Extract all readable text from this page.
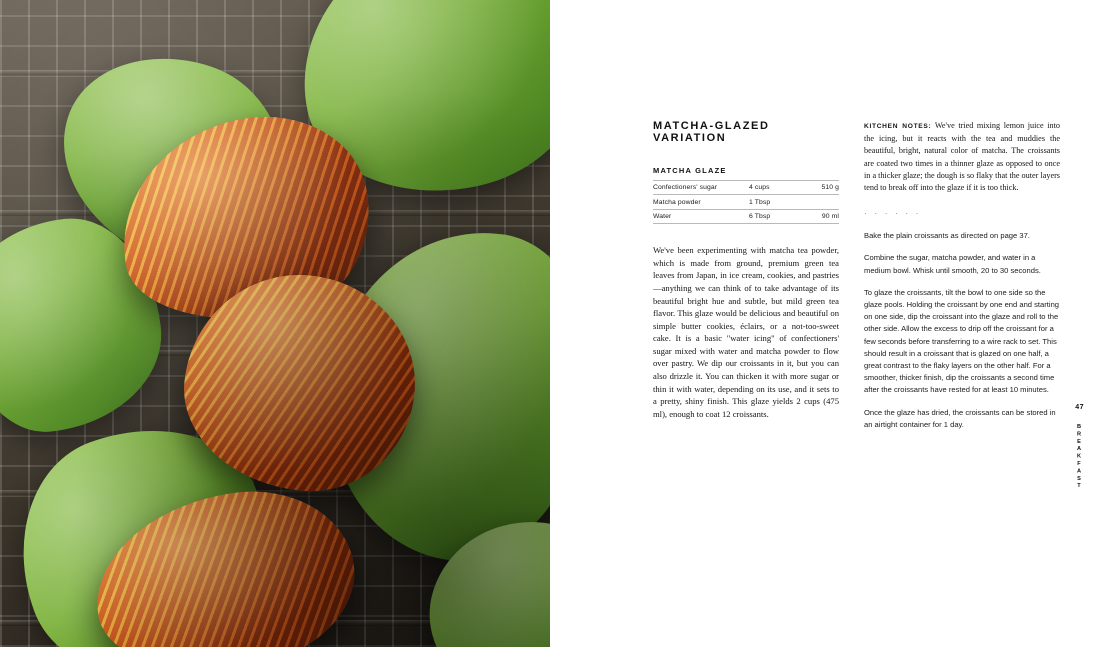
MATCHA-GLAZED VARIATION
MATCHA GLAZE
Confectioners' sugar	4 cups	510 g
Matcha powder	1 Tbsp	
Water	6 Tbsp	90 ml

We've been experimenting with matcha tea powder, which is made from ground, premium green tea leaves from Japan, in ice cream, cookies, and pastries—anything we can think of to take advantage of its beautiful bright hue and subtle, but mild green tea flavor. This glaze would be delicious and beautiful on simple butter cookies, éclairs, or a not-too-sweet cake. It is a basic "water icing" of confectioners' sugar mixed with water and matcha powder to flow over pastry. We dip our croissants in it, but you can also drizzle it. You can thicken it with more sugar or thin it with water, depending on its use, and it sets to a pretty, shiny finish. This glaze yields 2 cups (475 ml), enough to coat 12 croissants.

KITCHEN NOTES: We've tried mixing lemon juice into the icing, but it reacts with the tea and muddies the beautiful, bright, natural color of matcha. The croissants are coated two times in a thinner glaze as opposed to once in a thicker glaze; the dough is so flaky that the outer layers tend to break off into the glaze if it is too thick.

· · · · · ·

Bake the plain croissants as directed on page 37.

Combine the sugar, matcha powder, and water in a medium bowl. Whisk until smooth, 20 to 30 seconds.

To glaze the croissants, tilt the bowl to one side so the glaze pools. Holding the croissant by one end and starting on one side, dip the croissant into the glaze and roll to the other side. Allow the excess to drip off the croissant for a few seconds before transferring to a wire rack to set. This should result in a croissant that is glazed on one half, a great contrast to the flaky layers on the other half. For a smoother, thicker finish, dip the croissants a second time after the croissants have rested for at least 10 minutes.

Once the glaze has dried, the croissants can be stored in an airtight container for 1 day.

47
BREAKFAST
